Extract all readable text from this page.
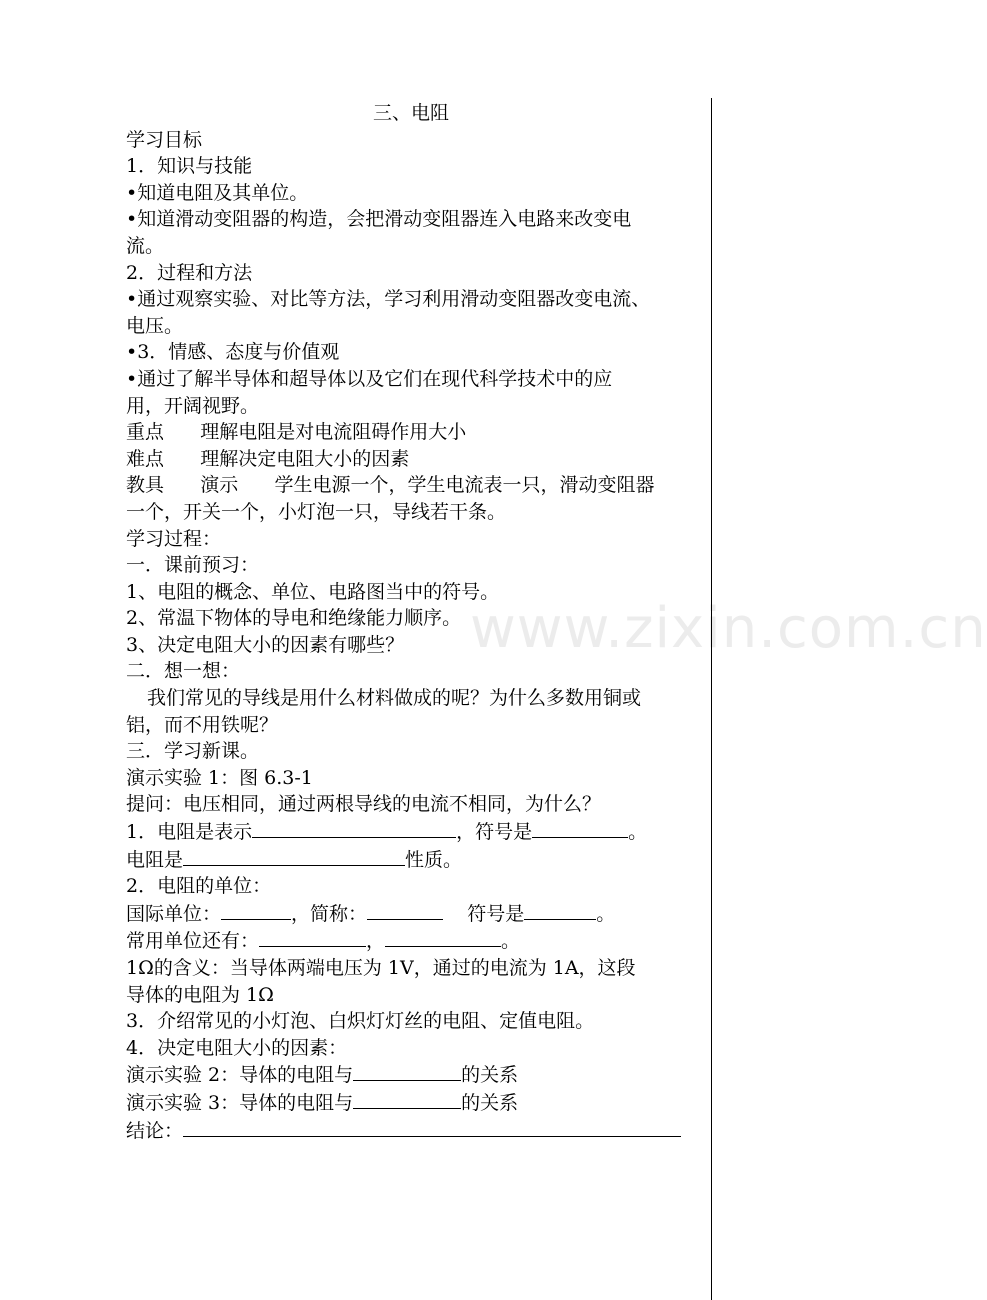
www.zixin.com.cn
三、电阻
学习目标
1．知识与技能
•知道电阻及其单位。
•知道滑动变阻器的构造，会把滑动变阻器连入电路来改变电
流。
2．过程和方法
•通过观察实验、对比等方法，学习利用滑动变阻器改变电流、
电压。
•3．情感、态度与价值观
•通过了解半导体和超导体以及它们在现代科学技术中的应
用，开阔视野。
重点      理解电阻是对电流阻碍作用大小
难点      理解决定电阻大小的因素
教具      演示      学生电源一个，学生电流表一只，滑动变阻器
一个，开关一个，小灯泡一只，导线若干条。
学习过程：
一．课前预习：
1、电阻的概念、单位、电路图当中的符号。
2、常温下物体的导电和绝缘能力顺序。
3、决定电阻大小的因素有哪些？
二．想一想：
我们常见的导线是用什么材料做成的呢？为什么多数用铜或
铝，而不用铁呢？
三．学习新课。
演示实验 1：图 6.3-1
提问：电压相同，通过两根导线的电流不相同，为什么？
1．电阻是表示	，符号是	。
电阻是	性质。
2．电阻的单位：
国际单位：	，简称：	符号是	。
常用单位还有：	，	。
1Ω的含义：当导体两端电压为 1V，通过的电流为 1A，这段
导体的电阻为 1Ω
3．介绍常见的小灯泡、白炽灯灯丝的电阻、定值电阻。
4．决定电阻大小的因素：
演示实验 2：导体的电阻与	的关系
演示实验 3：导体的电阻与	的关系
结论：
